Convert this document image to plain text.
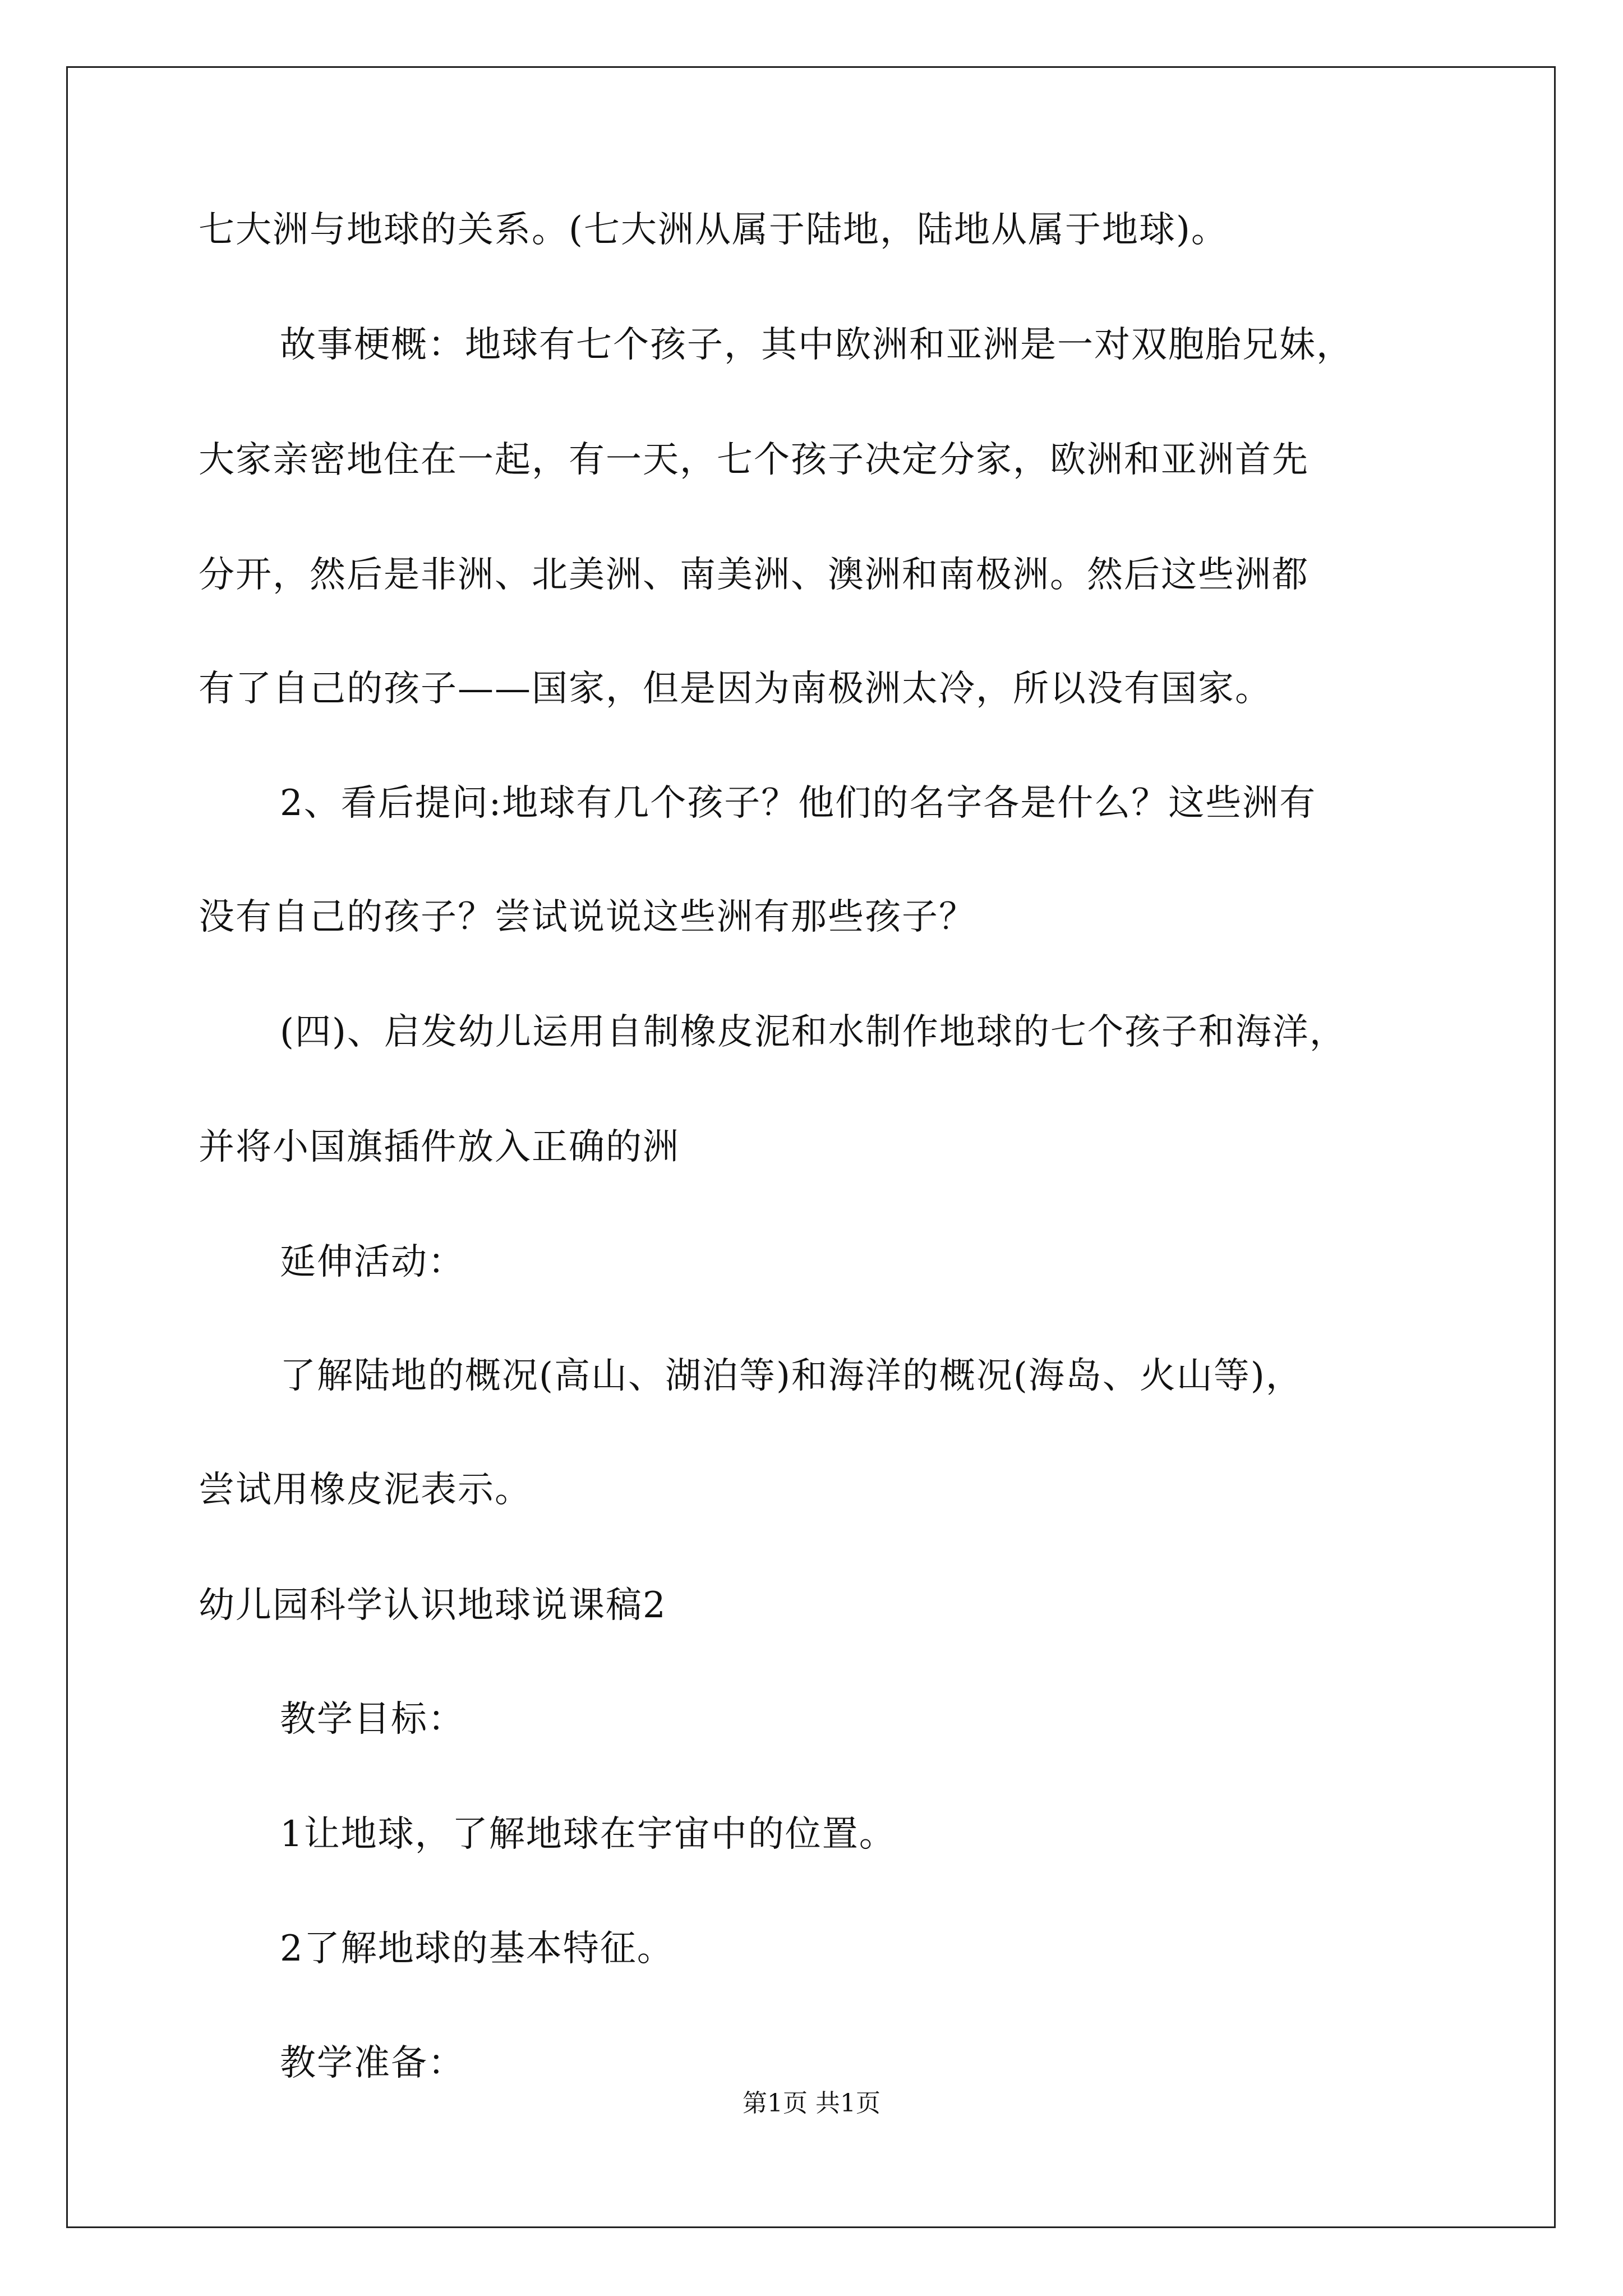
七大洲与地球的关系。(七大洲从属于陆地，陆地从属于地球)。
故事梗概：地球有七个孩子，其中欧洲和亚洲是一对双胞胎兄妹，
大家亲密地住在一起，有一天，七个孩子决定分家，欧洲和亚洲首先
分开，然后是非洲、北美洲、南美洲、澳洲和南极洲。然后这些洲都
有了自己的孩子——国家，但是因为南极洲太冷，所以没有国家。
2、看后提问:地球有几个孩子？他们的名字各是什么？这些洲有
没有自己的孩子？尝试说说这些洲有那些孩子？
(四)、启发幼儿运用自制橡皮泥和水制作地球的七个孩子和海洋，
并将小国旗插件放入正确的洲
延伸活动：
了解陆地的概况(高山、湖泊等)和海洋的概况(海岛、火山等)，
尝试用橡皮泥表示。
幼儿园科学认识地球说课稿2
教学目标：
1让地球，了解地球在宇宙中的位置。
2了解地球的基本特征。
教学准备：
第1页 共1页
